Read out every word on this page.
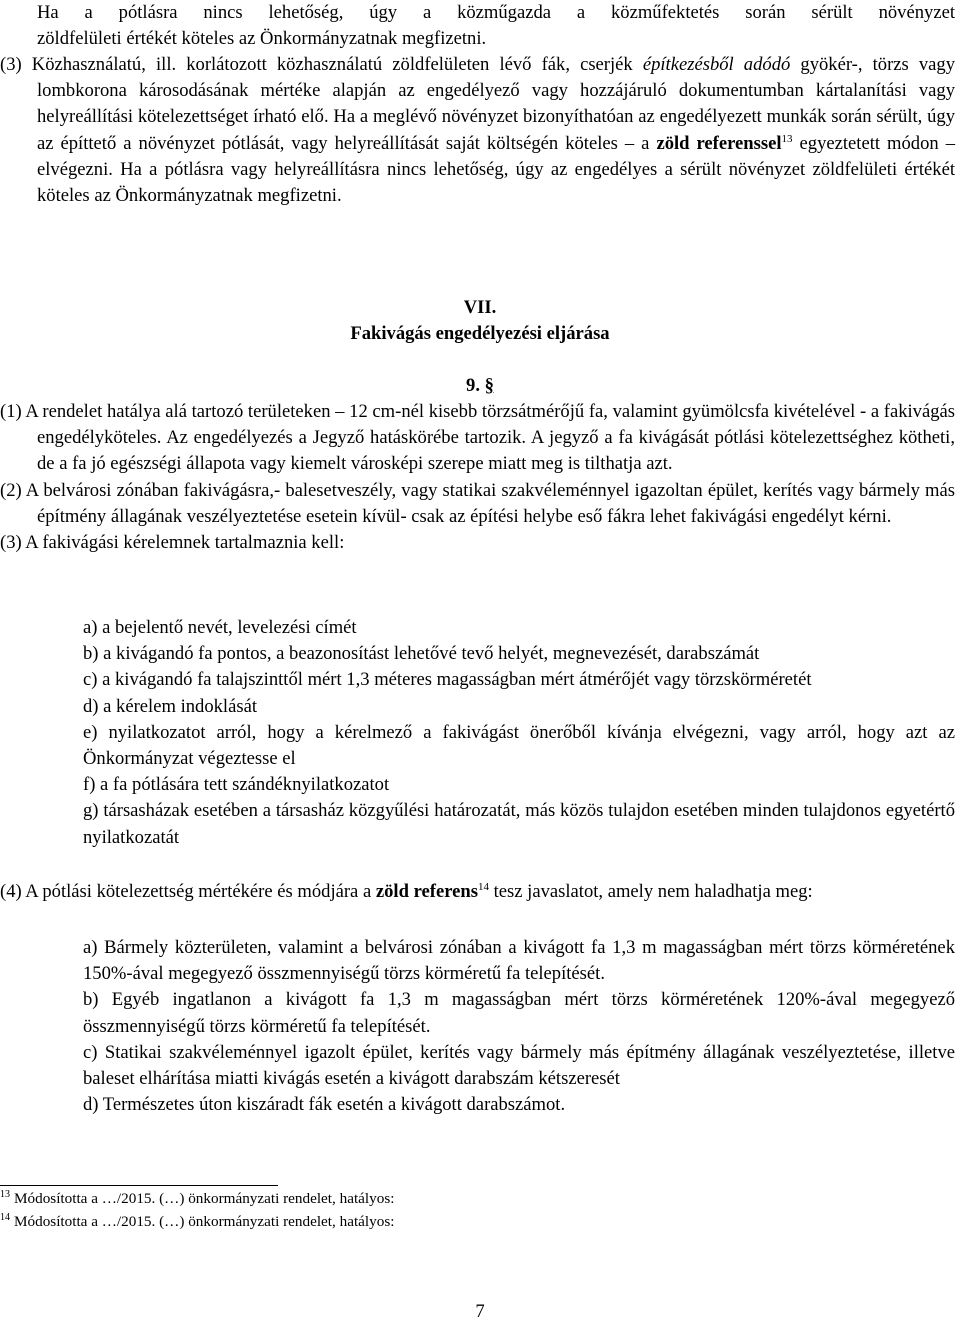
Ha a pótlásra nincs lehetőség, úgy a közműgazda a közműfektetés során sérült növényzet

zöldfelületi értékét köteles az Önkormányzatnak megfizetni.

(3) Közhasználatú, ill. korlátozott közhasználatú zöldfelületen lévő fák, cserjék építkezésből adódó gyökér-, törzs vagy lombkorona károsodásának mértéke alapján az engedélyező vagy hozzájáruló dokumentumban kártalanítási vagy helyreállítási kötelezettséget írható elő. Ha a meglévő növényzet bizonyíthatóan az engedélyezett munkák során sérült, úgy az építtető a növényzet pótlását, vagy helyreállítását saját költségén köteles – a zöld referenssel$^{13}$ egyeztetett módon – elvégezni. Ha a pótlásra vagy helyreállításra nincs lehetőség, úgy az engedélyes a sérült növényzet zöldfelületi értékét köteles az Önkormányzatnak megfizetni.

VII.

Fakivágás engedélyezési eljárása

9. §

(1) A rendelet hatálya alá tartozó területeken – 12 cm-nél kisebb törzsátmérőjű fa, valamint gyümölcsfa kivételével - a fakivágás engedélyköteles. Az engedélyezés a Jegyző hatáskörébe tartozik. A jegyző a fa kivágását pótlási kötelezettséghez kötheti, de a fa jó egészségi állapota vagy kiemelt városképi szerepe miatt meg is tilthatja azt.

(2) A belvárosi zónában fakivágásra,- balesetveszély, vagy statikai szakvéleménnyel igazoltan épület, kerítés vagy bármely más építmény állagának veszélyeztetése esetein kívül- csak az építési helybe eső fákra lehet fakivágási engedélyt kérni.

(3) A fakivágási kérelemnek tartalmaznia kell:

a) a bejelentő nevét, levelezési címét

b) a kivágandó fa pontos, a beazonosítást lehetővé tevő helyét, megnevezését, darabszámát

c) a kivágandó fa talajszinttől mért 1,3 méteres magasságban mért átmérőjét vagy törzskörméretét

d) a kérelem indoklását

e) nyilatkozatot arról, hogy a kérelmező a fakivágást önerőből kívánja elvégezni, vagy arról, hogy azt az Önkormányzat végeztesse el

f) a fa pótlására tett szándéknyilatkozatot

g) társasházak esetében a társasház közgyűlési határozatát, más közös tulajdon esetében minden tulajdonos egyetértő nyilatkozatát

(4) A pótlási kötelezettség mértékére és módjára a zöld referens$^{14}$ tesz javaslatot, amely nem haladhatja meg:

a) Bármely közterületen, valamint a belvárosi zónában a kivágott fa 1,3 m magasságban mért törzs körméretének 150%-ával megegyező összmennyiségű törzs körméretű fa telepítését.

b) Egyéb ingatlanon a kivágott fa 1,3 m magasságban mért törzs körméretének 120%-ával megegyező összmennyiségű törzs körméretű fa telepítését.

c) Statikai szakvéleménnyel igazolt épület, kerítés vagy bármely más építmény állagának veszélyeztetése, illetve baleset elhárítása miatti kivágás esetén a kivágott darabszám kétszeresét

d) Természetes úton kiszáradt fák esetén a kivágott darabszámot.

$^{13}$ Módosította a …/2015. (…) önkormányzati rendelet, hatályos:

$^{14}$ Módosította a …/2015. (…) önkormányzati rendelet, hatályos:

7
